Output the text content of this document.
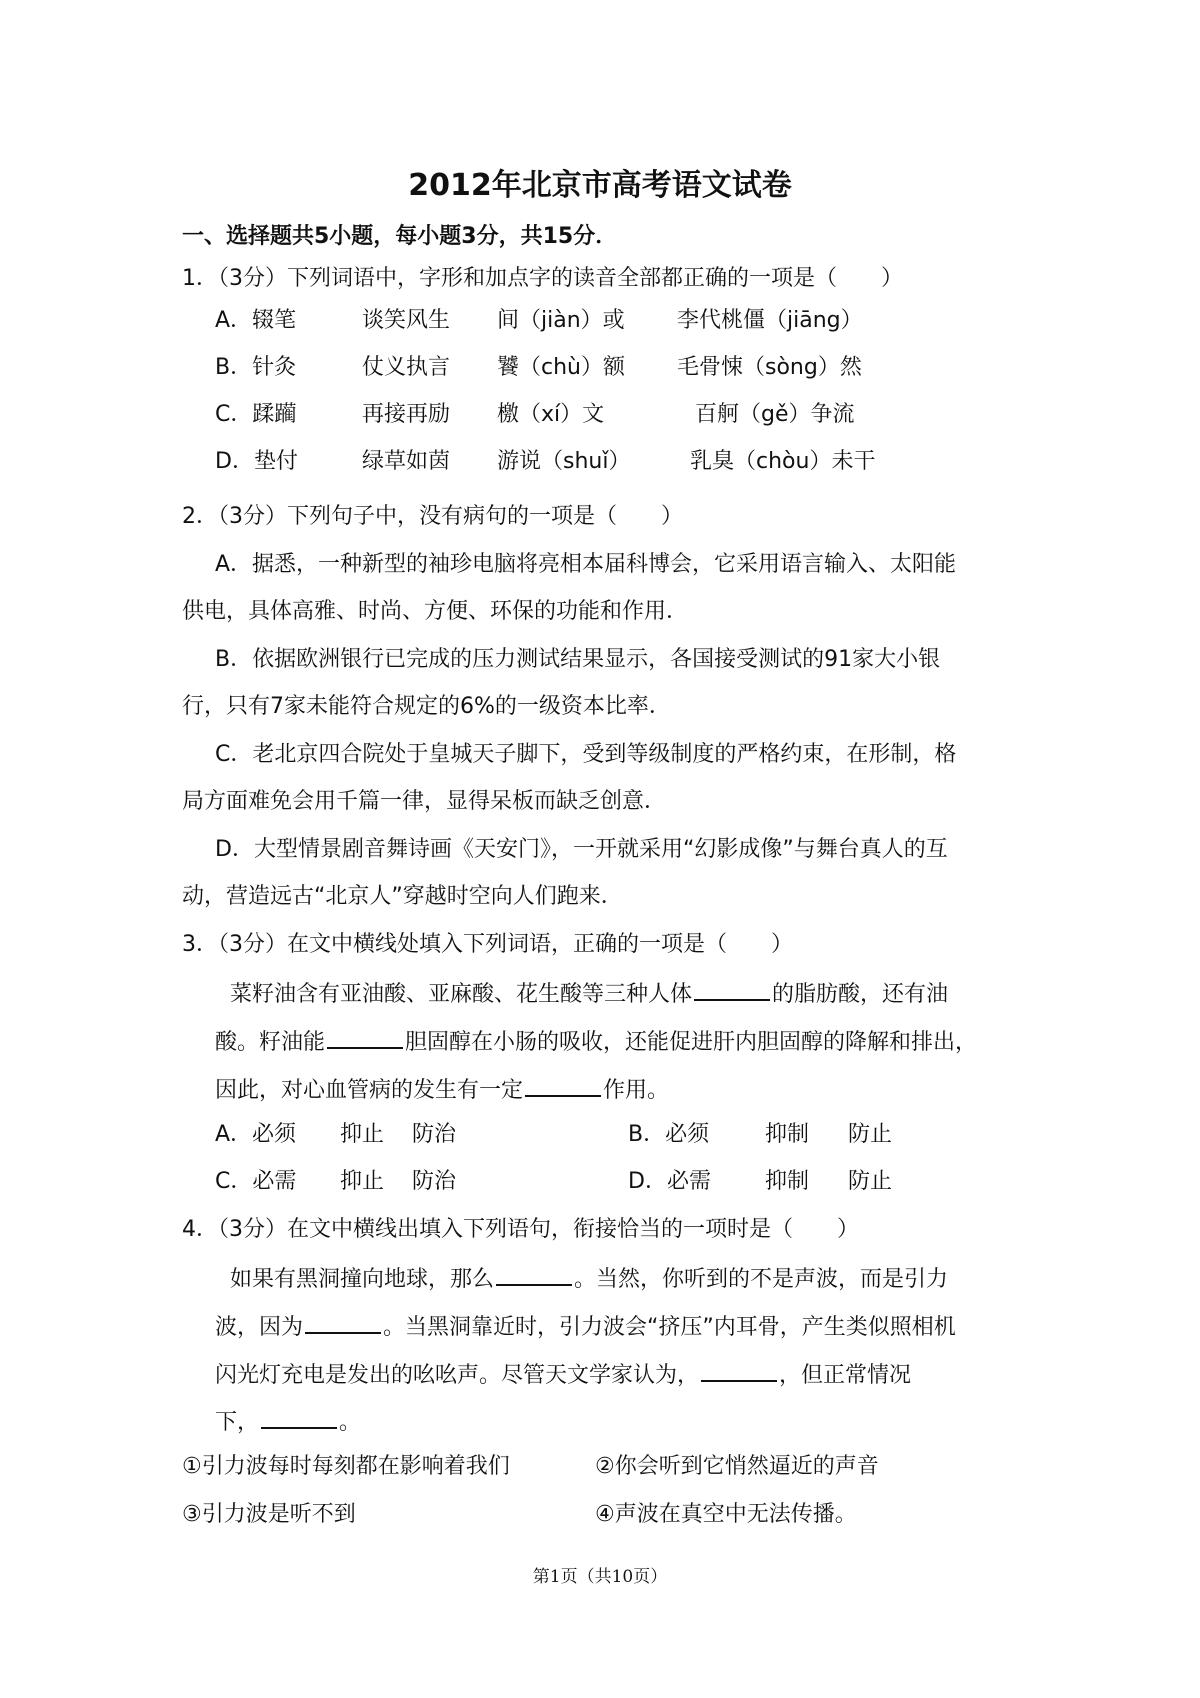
2012年北京市高考语文试卷
一、选择题共5小题，每小题3分，共15分．
1．（3分）下列词语中，字形和加点字的读音全部都正确的一项是（　　）
A．辍笔	谈笑风生 间（jiàn）或 李代桃僵（jiāng）
B．针灸	仗义执言 饕（chù）额 毛骨悚（sòng）然
C．蹂躏	再接再励 檄（xí）文	百舸（gě）争流
D．垫付	绿草如茵 游说（shuǐ）	乳臭（chòu）未干
2．（3分）下列句子中，没有病句的一项是（　　）
A．据悉，一种新型的袖珍电脑将亮相本届科博会，它采用语言输入、太阳能
供电，具体高雅、时尚、方便、环保的功能和作用．
B．依据欧洲银行已完成的压力测试结果显示，各国接受测试的91家大小银
行，只有7家未能符合规定的6%的一级资本比率．
C．老北京四合院处于皇城天子脚下，受到等级制度的严格约束，在形制，格
局方面难免会用千篇一律，显得呆板而缺乏创意．
D．大型情景剧音舞诗画《天安门》，一开就采用“幻影成像”与舞台真人的互
动，营造远古“北京人”穿越时空向人们跑来．
3．（3分）在文中横线处填入下列词语，正确的一项是（　　）
菜籽油含有亚油酸、亚麻酸、花生酸等三种人体	的脂肪酸，还有油
酸。籽油能	胆固醇在小肠的吸收，还能促进肝内胆固醇的降解和排出，
因此，对心血管病的发生有一定	作用。
A．必须 抑止 防治	B．必须	抑制 防止
C．必需 抑止 防治	D．必需 抑制 防止
4．（3分）在文中横线出填入下列语句，衔接恰当的一项时是（　　）
如果有黑洞撞向地球，那么	。当然，你听到的不是声波，而是引力
波，因为	。当黑洞靠近时，引力波会“挤压”内耳骨，产生类似照相机
闪光灯充电是发出的吆吆声。尽管天文学家认为，	，但正常情况
下，	。
①引力波每时每刻都在影响着我们	②你会听到它悄然逼近的声音
③引力波是听不到	④声波在真空中无法传播。
第1页（共10页）
